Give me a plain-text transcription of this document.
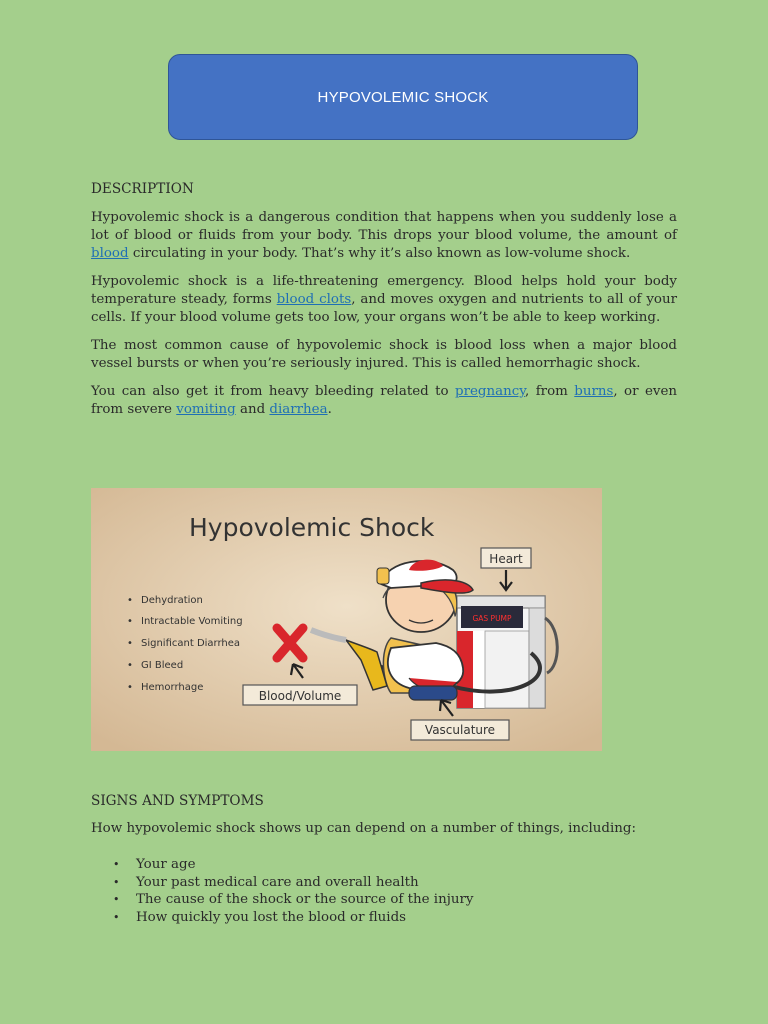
HYPOVOLEMIC SHOCK
DESCRIPTION

Hypovolemic shock is a dangerous condition that happens when you suddenly lose a lot of blood or fluids from your body. This drops your blood volume, the amount of blood circulating in your body. That’s why it’s also known as low-volume shock.

Hypovolemic shock is a life-threatening emergency. Blood helps hold your body temperature steady, forms blood clots, and moves oxygen and nutrients to all of your cells. If your blood volume gets too low, your organs won’t be able to keep working.

The most common cause of hypovolemic shock is blood loss when a major blood vessel bursts or when you’re seriously injured. This is called hemorrhagic shock.

You can also get it from heavy bleeding related to pregnancy, from burns, or even from severe vomiting and diarrhea.

Hypovolemic Shock
• Dehydration
• Intractable Vomiting
• Significant Diarrhea
• GI Bleed
• Hemorrhage
Heart
GAS PUMP
Blood/Volume
Vasculature
SIGNS AND SYMPTOMS

How hypovolemic shock shows up can depend on a number of things, including:

• Your age
• Your past medical care and overall health
• The cause of the shock or the source of the injury
• How quickly you lost the blood or fluids
